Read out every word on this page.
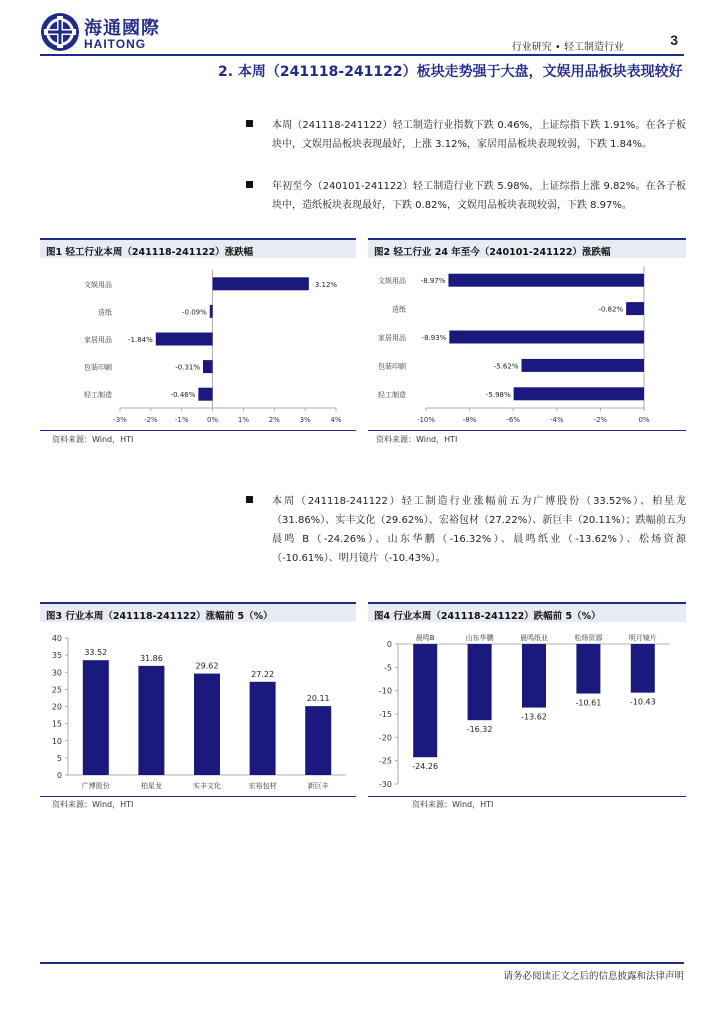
海通國際
HAITONG	行业研究 • 轻工制造行业	3
2. 本周（241118-241122）板块走势强于大盘，文娱用品板块表现较好

本周（241118-241122）轻工制造行业指数下跌 0.46%，上证综指下跌 1.91%。在各子板块中，文娱用品板块表现最好，上涨 3.12%，家居用品板块表现较弱，下跌 1.84%。

年初至今（240101-241122）轻工制造行业下跌 5.98%，上证综指上涨 9.82%。在各子板块中，造纸板块表现最好，下跌 0.82%，文娱用品板块表现较弱，下跌 8.97%。

图1 轻工行业本周（241118-241122）涨跌幅
-3% -2% -1%	0%	1%	2%	3%	4%
文娱用品	3.12%
造纸	-0.09%
家居用品 -1.84%
包装印刷	-0.31%
轻工制造	-0.46%
资料来源：Wind，HTI
图2 轻工行业 24 年至今（240101-241122）涨跌幅
-10%	-8%	-6%	-4%	-2%	0%
文娱用品 -8.97%
造纸	-0.82%
家居用品 -8.93%
包装印刷	-5.62%
轻工制造	-5.98%
资料来源：Wind，HTI

本周（241118-241122）轻工制造行业涨幅前五为广博股份（33.52%）、柏星龙（31.86%）、实丰文化（29.62%）、宏裕包材（27.22%）、新巨丰（20.11%）；跌幅前五为晨鸣 B（-24.26%）、山东华鹏（-16.32%）、晨鸣纸业（-13.62%）、松炀资源（-10.61%）、明月镜片（-10.43%）。

图3 行业本周（241118-241122）涨幅前 5（%）
0
5
10
15
20
25
30
35
40
33.52
广博股份
31.86
柏星龙
29.62
实丰文化
27.22
宏裕包材
20.11
新巨丰
资料来源：Wind，HTI
图4 行业本周（241118-241122）跌幅前 5（%）
-30
-25
-20
-15
-10
-5
0
-24.26
晨鸣B
-16.32
山东华鹏
-13.62
晨鸣纸业
-10.61
松炀资源
-10.43
明月镜片
资料来源：Wind，HTI
请务必阅读正文之后的信息披露和法律声明
